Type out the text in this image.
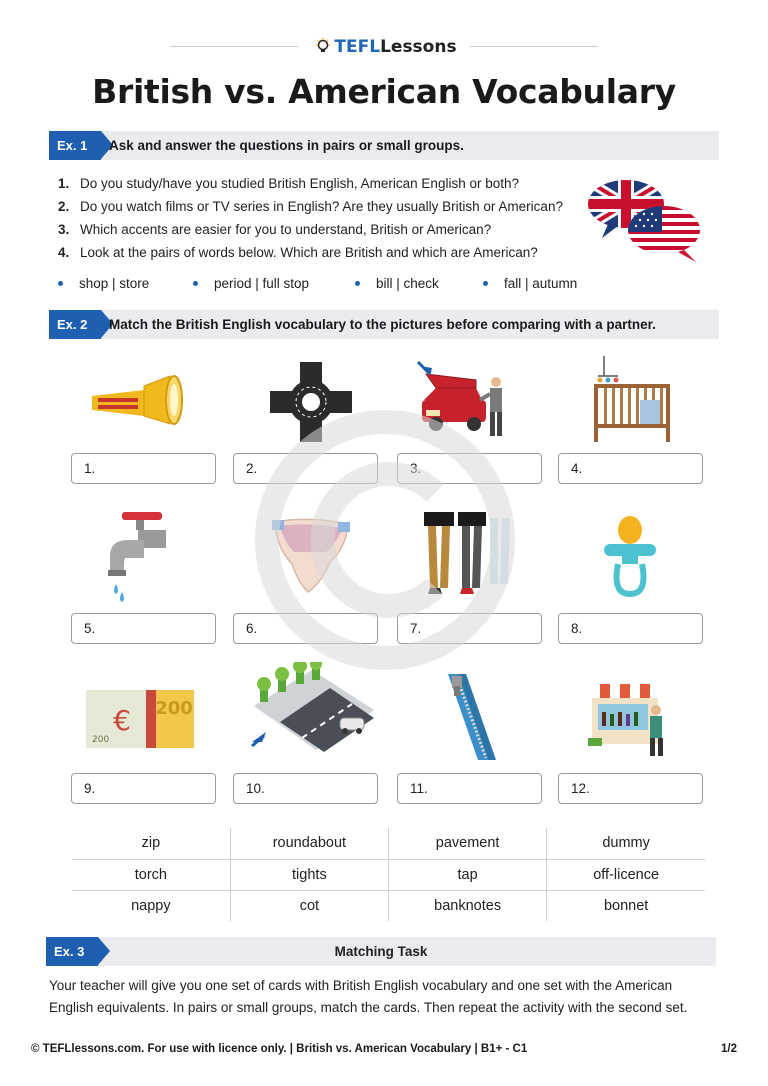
TEFLLessons
British vs. American Vocabulary
Ex. 1	Ask and answer the questions in pairs or small groups.
1. Do you study/have you studied British English, American English or both?
2. Do you watch films or TV series in English? Are they usually British or American?
3. Which accents are easier for you to understand, British or American?
4. Look at the pairs of words below. Which are British and which are American?
shop | store	period | full stop	bill | check	fall | autumn
Ex. 2	Match the British English vocabulary to the pictures before comparing with a partner.
1.	2.	3.	4.
5.	6.	7.	8.
€
200
200
9.	10.	11.	12.
zip	roundabout	pavement	dummy
torch	tights	tap	off-licence
nappy	cot	banknotes	bonnet
Ex. 3	Matching Task
Your teacher will give you one set of cards with British English vocabulary and one set with the American English equivalents. In pairs or small groups, match the cards. Then repeat the activity with the second set.
© TEFLlessons.com. For use with licence only. | British vs. American Vocabulary | B1+ - C1	1/2
